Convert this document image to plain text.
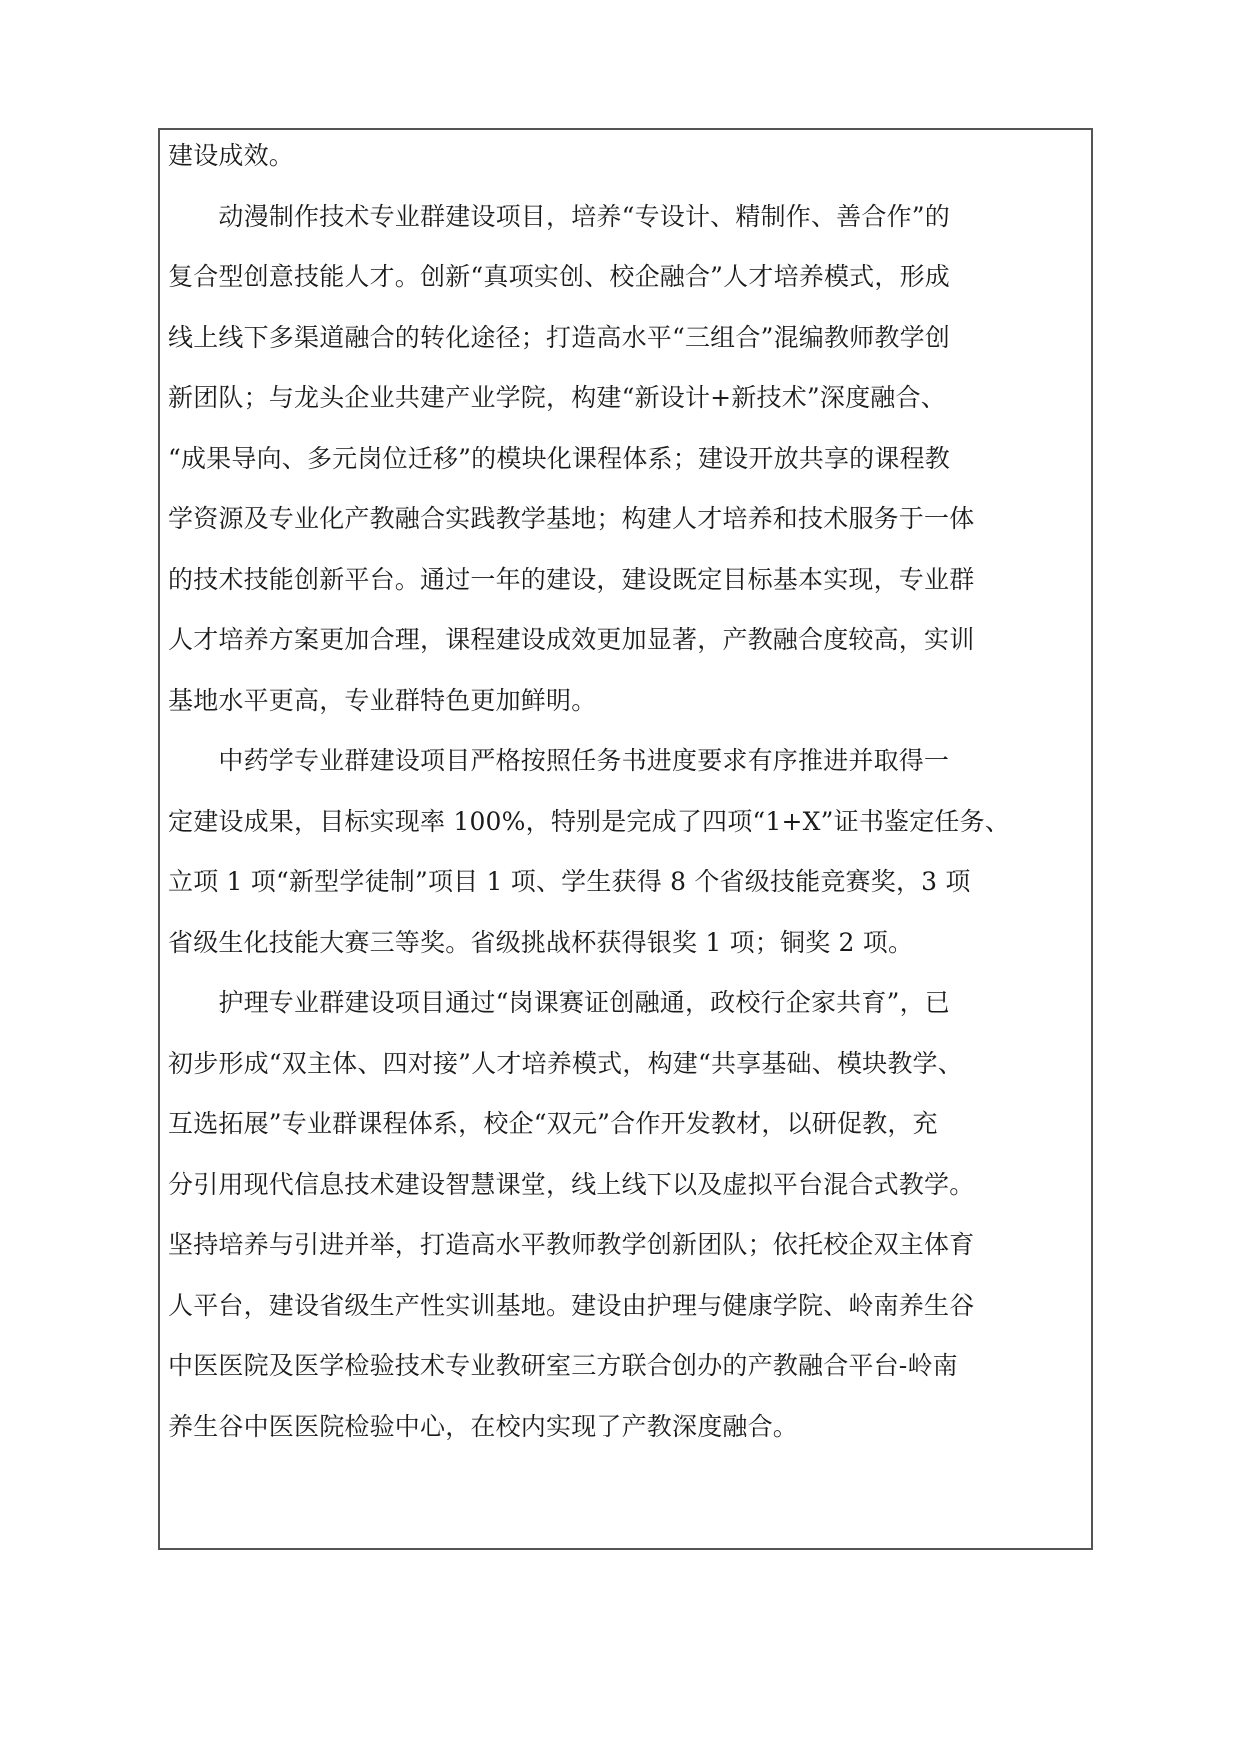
建设成效。
　　动漫制作技术专业群建设项目，培养“专设计、精制作、善合作”的
复合型创意技能人才。创新“真项实创、校企融合”人才培养模式，形成
线上线下多渠道融合的转化途径；打造高水平“三组合”混编教师教学创
新团队；与龙头企业共建产业学院，构建“新设计+新技术”深度融合、
“成果导向、多元岗位迁移”的模块化课程体系；建设开放共享的课程教
学资源及专业化产教融合实践教学基地；构建人才培养和技术服务于一体
的技术技能创新平台。通过一年的建设，建设既定目标基本实现，专业群
人才培养方案更加合理，课程建设成效更加显著，产教融合度较高，实训
基地水平更高，专业群特色更加鲜明。
　　中药学专业群建设项目严格按照任务书进度要求有序推进并取得一
定建设成果，目标实现率 100%，特别是完成了四项“1+X”证书鉴定任务、
立项 1 项“新型学徒制”项目 1 项、学生获得 8 个省级技能竞赛奖，3 项
省级生化技能大赛三等奖。省级挑战杯获得银奖 1 项；铜奖 2 项。
　　护理专业群建设项目通过“岗课赛证创融通，政校行企家共育”，已
初步形成“双主体、四对接”人才培养模式，构建“共享基础、模块教学、
互选拓展”专业群课程体系，校企“双元”合作开发教材，以研促教，充
分引用现代信息技术建设智慧课堂，线上线下以及虚拟平台混合式教学。
坚持培养与引进并举，打造高水平教师教学创新团队；依托校企双主体育
人平台，建设省级生产性实训基地。建设由护理与健康学院、岭南养生谷
中医医院及医学检验技术专业教研室三方联合创办的产教融合平台-岭南
养生谷中医医院检验中心，在校内实现了产教深度融合。
